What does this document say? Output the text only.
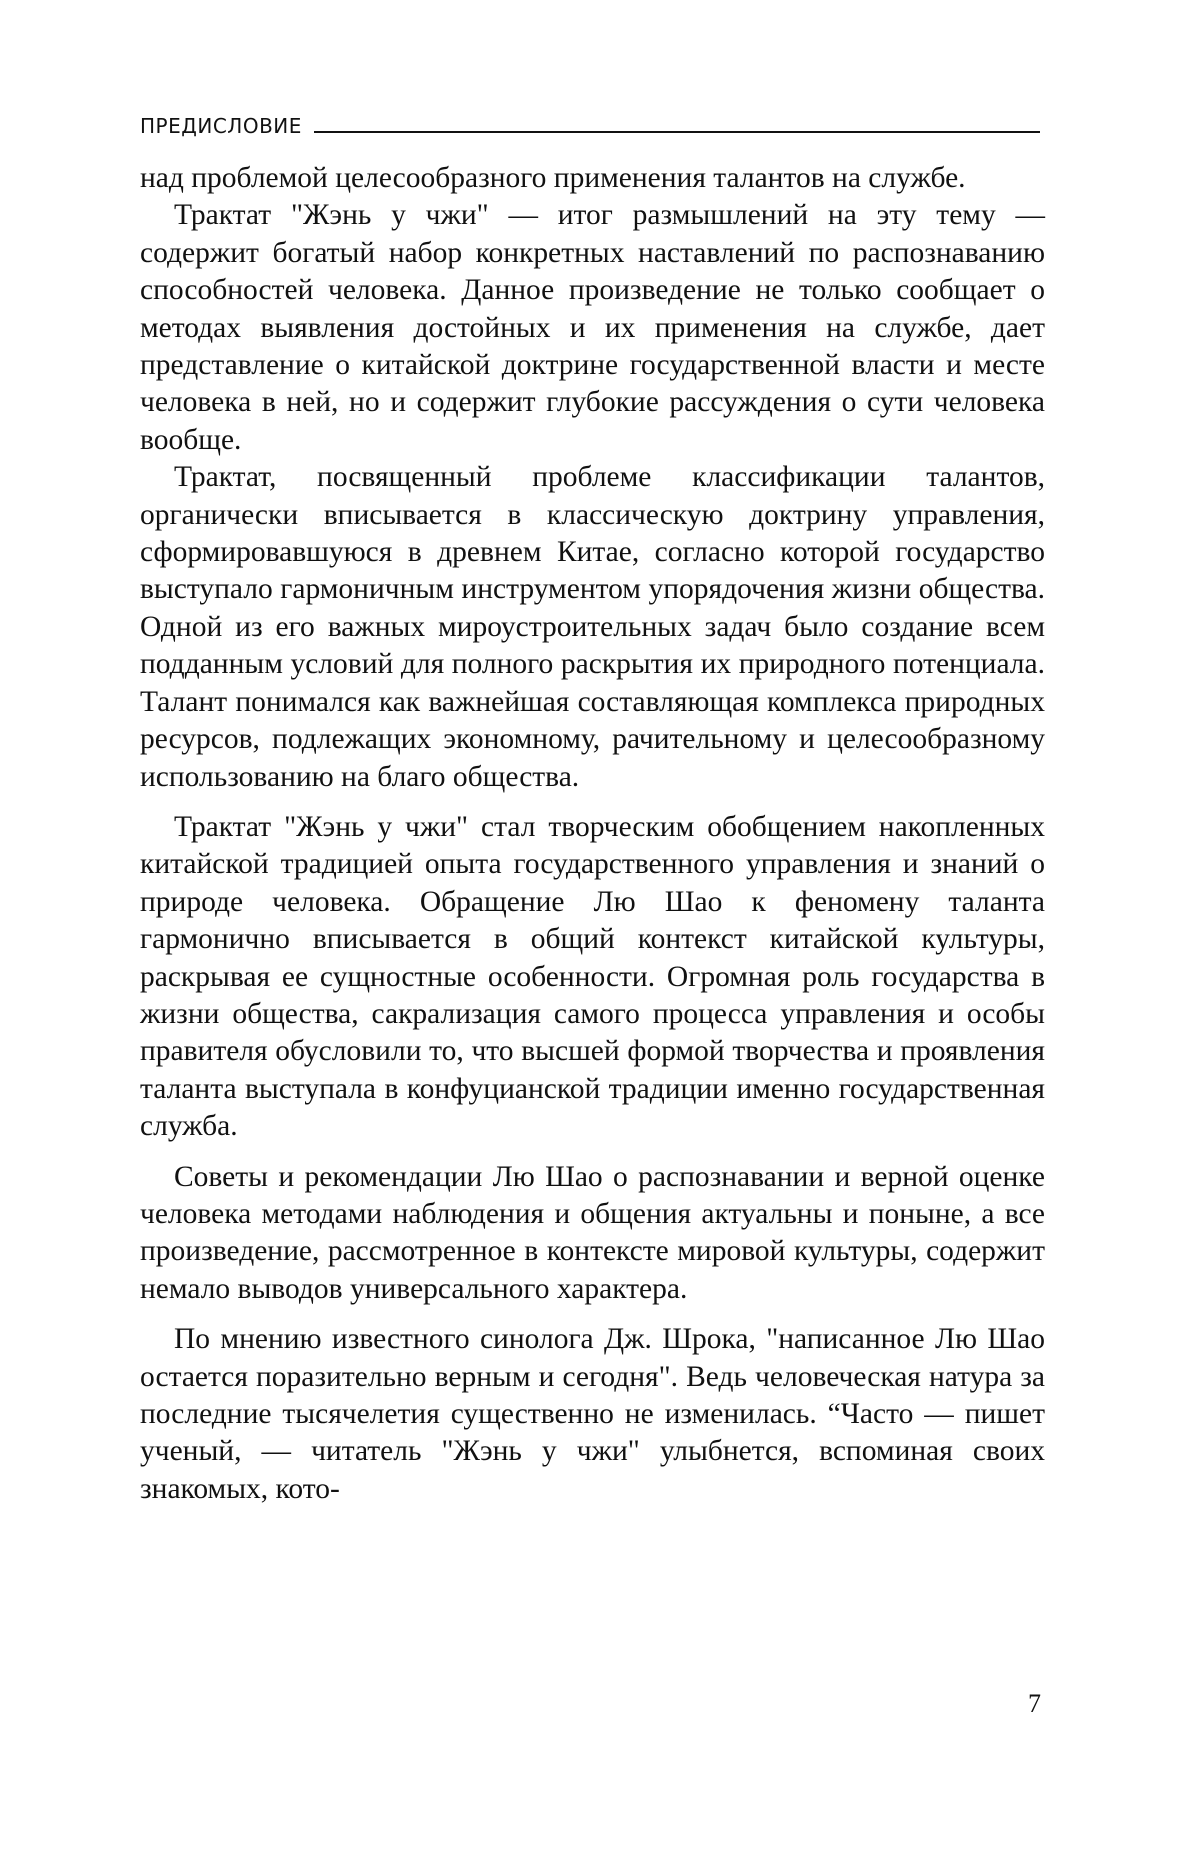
ПРЕДИСЛОВИЕ

над проблемой целесообразного применения талантов на службе.

Трактат "Жэнь у чжи" — итог размышлений на эту тему — содержит богатый набор конкретных наставлений по распознаванию способностей человека. Данное произведение не только сообщает о методах выявления достойных и их применения на службе, дает представление о китайской доктрине государственной власти и месте человека в ней, но и содержит глубокие рассуждения о сути человека вообще.

Трактат, посвященный проблеме классификации талантов, органически вписывается в классическую доктрину управления, сформировавшуюся в древнем Китае, согласно которой государство выступало гармоничным инструментом упорядочения жизни общества. Одной из его важных мироустроительных задач было создание всем подданным условий для полного раскрытия их природного потенциала. Талант понимался как важнейшая составляющая комплекса природных ресурсов, подлежащих экономному, рачительному и целесообразному использованию на благо общества.

Трактат "Жэнь у чжи" стал творческим обобщением накопленных китайской традицией опыта государственного управления и знаний о природе человека. Обращение Лю Шао к феномену таланта гармонично вписывается в общий контекст китайской культуры, раскрывая ее сущностные особенности. Огромная роль государства в жизни общества, сакрализация самого процесса управления и особы правителя обусловили то, что высшей формой творчества и проявления таланта выступала в конфуцианской традиции именно государственная служба.

Советы и рекомендации Лю Шао о распознавании и верной оценке человека методами наблюдения и общения актуальны и поныне, а все произведение, рассмотренное в контексте мировой культуры, содержит немало выводов универсального характера.

По мнению известного синолога Дж. Шрока, "написанное Лю Шао остается поразительно верным и сегодня". Ведь человеческая натура за последние тысячелетия существенно не изменилась. “Часто — пишет ученый, — читатель "Жэнь у чжи" улыбнется, вспоминая своих знакомых, кото-

7
